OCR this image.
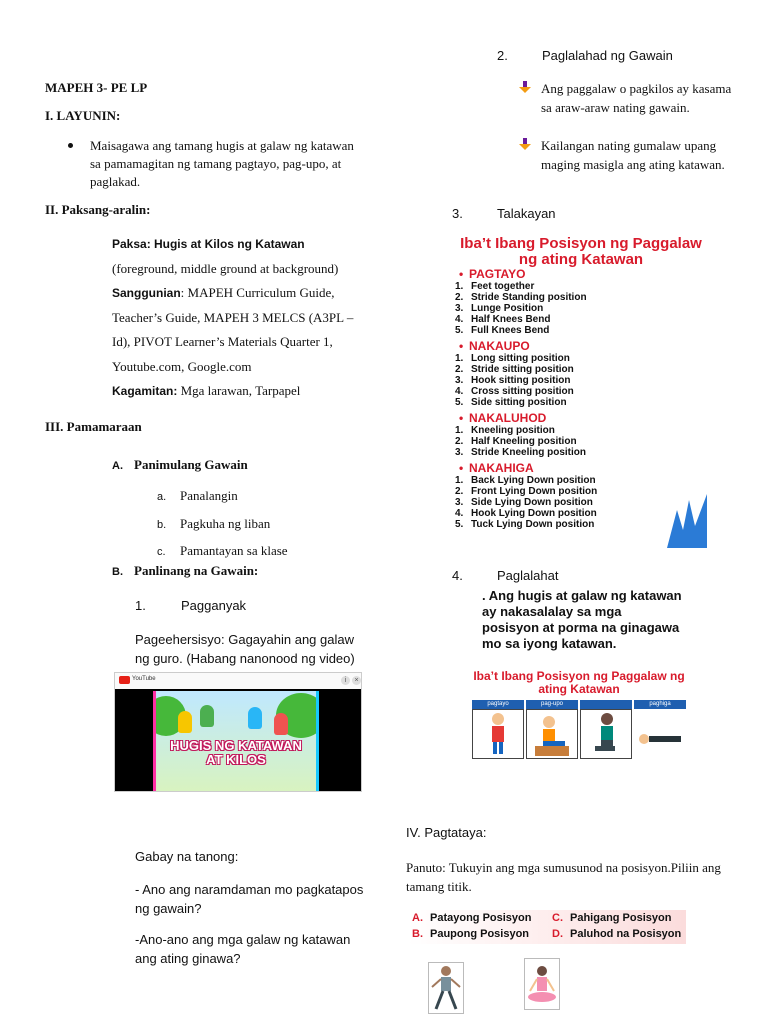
MAPEH 3- PE LP
I. LAYUNIN:
Maisagawa ang tamang hugis at galaw ng katawan sa pamamagitan ng tamang pagtayo, pag-upo, at paglakad.
II. Paksang-aralin:
Paksa: Hugis at Kilos ng Katawan
(foreground, middle ground at background)
Sanggunian: MAPEH Curriculum Guide, Teacher’s Guide, MAPEH 3 MELCS (A3PL –Id), PIVOT Learner’s Materials Quarter 1, Youtube.com, Google.com
Kagamitan: Mga larawan, Tarpapel
III. Pamamaraan
A. Panimulang Gawain
a. Panalangin
b. Pagkuha ng liban
c. Pamantayan sa klase
B. Panlinang na Gawain:
1.	Pagganyak
Pageehersisyo: Gagayahin ang galaw ng guro. (Habang nanonood ng video)
YouTube	i	×
HUGIS NG KATAWAN
AT KILOS
Gabay na tanong:
- Ano ang naramdaman mo pagkatapos ng gawain?
-Ano-ano ang mga galaw ng katawan ang ating ginawa?
2.	Paglalahad ng Gawain
Ang paggalaw o pagkilos ay kasama sa araw-araw nating gawain.
Kailangan nating gumalaw upang maging masigla ang ating katawan.
3.	Talakayan
Iba’t Ibang Posisyon ng Paggalaw ng ating Katawan
• PAGTAYO
1. Feet together
2. Stride Standing position
3. Lunge Position
4. Half Knees Bend
5. Full Knees Bend
• NAKAUPO
1. Long sitting position
2. Stride sitting position
3. Hook sitting position
4. Cross sitting position
5. Side sitting position
• NAKALUHOD
1. Kneeling position
2. Half Kneeling position
3. Stride Kneeling position
• NAKAHIGA
1. Back Lying Down position
2. Front Lying Down position
3. Side Lying Down position
4. Hook Lying Down position
5. Tuck Lying Down position
4.	Paglalahat
. Ang hugis at galaw ng katawan ay nakasalalay sa mga posisyon at porma na ginagawa mo sa iyong katawan.
Iba’t Ibang Posisyon ng Paggalaw ng ating Katawan
pagtayo	pag-upo	paghiga
IV. Pagtataya:
Panuto: Tukuyin ang mga sumusunod na posisyon.Piliin ang tamang titik.
A. Patayong Posisyon C. Pahigang Posisyon
B. Paupong Posisyon D. Paluhod na Posisyon
